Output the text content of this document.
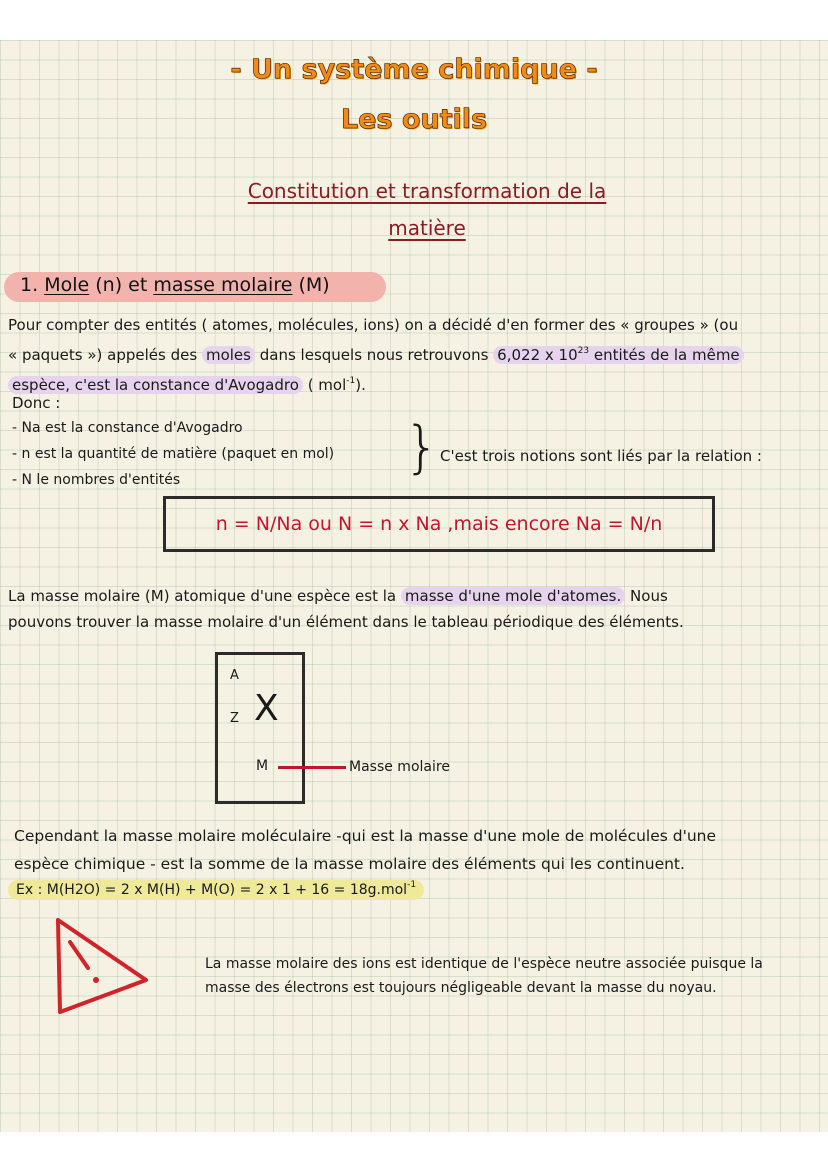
- Un système chimique -
Les outils
Constitution et transformation de la
matière
1. Mole (n) et masse molaire (M)
Pour compter des entités ( atomes, molécules, ions) on a décidé d'en former des « groupes » (ou
« paquets ») appelés des moles dans lesquels nous retrouvons 6,022 x $10^{23}$ entités de la même
espèce, c'est la constance d'Avogadro ( mol$^{-1}$).
Donc :
- Na est la constance d'Avogadro
- n est la quantité de matière (paquet en mol)
- N le nombres d'entités	} C'est trois notions sont liés par la relation :
n = N/Na ou N = n x Na ,mais encore Na = N/n
La masse molaire (M) atomique d'une espèce est la masse d'une mole d'atomes. Nous
pouvons trouver la masse molaire d'un élément dans le tableau périodique des éléments.
A
Z X
M	Masse molaire
Cependant la masse molaire moléculaire -qui est la masse d'une mole de molécules d'une
espèce chimique - est la somme de la masse molaire des éléments qui les continuent.
Ex : M(H2O) = 2 x M(H) + M(O) = 2 x 1 + 16 = 18g.mol$^{-1}$
La masse molaire des ions est identique de l'espèce neutre associée puisque la
masse des électrons est toujours négligeable devant la masse du noyau.
